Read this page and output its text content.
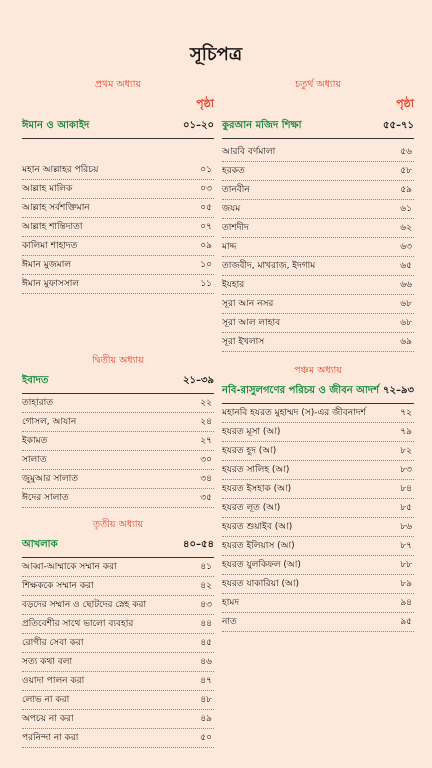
সূচিপত্র
প্রথম অধ্যায়
পৃষ্ঠা
ঈমান ও আকাইদ	০১–২০
মহান আল্লাহর পরিচয়	০১
আল্লাহ মালিক	০৩
আল্লাহ সর্বশক্তিমান	০৫
আল্লাহ শান্তিদাতা	০৭
কালিমা শাহাদত	০৯
ঈমান মুজমাল	১০
ঈমান মুফাসসাল	১১
দ্বিতীয় অধ্যায়
ইবাদত	২১–৩৯
তাহারাত	২২
গোসল, আযান	২৪
ইকামত	২৭
সালাত	৩০
জুমুআর সালাত	৩৪
ঈদের সালাত	৩৫
তৃতীয় অধ্যায়
আখলাক	৪০–৫৪
আব্বা-আম্মাকে সম্মান করা	৪১
শিক্ষককে সম্মান করা	৪২
বড়দের সম্মান ও ছোটদের স্নেহ করা	৪৩
প্রতিবেশীর সাথে ভালো ব্যবহার	৪৪
রোগীর সেবা করা	৪৫
সত্য কথা বলা	৪৬
ওয়াদা পালন করা	৪৭
লোভ না করা	৪৮
অপচয় না করা	৪৯
পরনিন্দা না করা	৫০
চতুর্থ অধ্যায়
পৃষ্ঠা
কুরআন মজিদ শিক্ষা	৫৫–৭১
আরবি বর্ণমালা	৫৬
হরকত	৫৮
তানবীন	৫৯
জযম	৬১
তাশদীদ	৬২
মাদ্দ	৬৩
তাজবীদ, মাখরাজ, ইদগাম	৬৫
ইযহার	৬৬
সূরা আন নসর	৬৮
সূরা আল লাহাব	৬৮
সূরা ইখলাস	৬৯
পঞ্চম অধ্যায়
নবি-রাসুলগণের পরিচয় ও জীবন আদর্শ ৭২–৯৩
মহানবি হযরত মুহাম্মদ (স)-এর জীবনাদর্শ	৭২
হযরত মূসা (আ)	৭৯
হযরত হূদ (আ)	৮২
হযরত সালিহ (আ)	৮৩
হযরত ইসহাক (আ)	৮৪
হযরত লূত (আ)	৮৫
হযরত শুয়াইব (আ)	৮৬
হযরত ইলিয়াস (আ)	৮৭
হযরত যুলকিফল (আ)	৮৮
হযরত যাকারিয়া (আ)	৮৯
হামদ	৯৪
নাত	৯৫
